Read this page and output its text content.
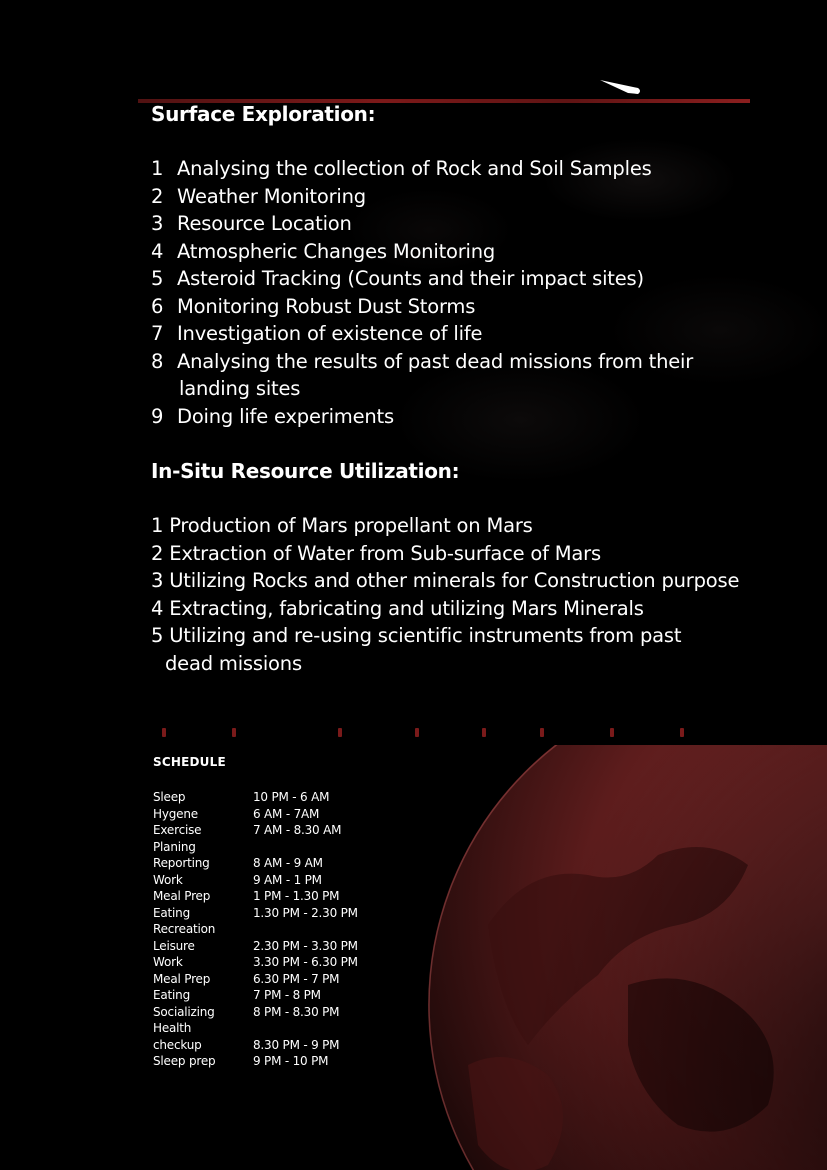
Surface Exploration:
1 Analysing the collection of Rock and Soil Samples
2 Weather Monitoring
3 Resource Location
4 Atmospheric Changes Monitoring
5 Asteroid Tracking (Counts and their impact sites)
6 Monitoring Robust Dust Storms
7 Investigation of existence of life
8 Analysing the results of past dead missions from their
landing sites
9 Doing life experiments
In-Situ Resource Utilization:
1 Production of Mars propellant on Mars
2 Extraction of Water from Sub-surface of Mars
3 Utilizing Rocks and other minerals for Construction purpose
4 Extracting, fabricating and utilizing Mars Minerals
5 Utilizing and re-using scientific instruments from past
dead missions
SCHEDULE
Sleep	10 PM - 6 AM
Hygene	6 AM - 7AM
Exercise	7 AM - 8.30 AM
Planing
Reporting	8 AM - 9 AM
Work	9 AM - 1 PM
Meal Prep	1 PM - 1.30 PM
Eating	1.30 PM - 2.30 PM
Recreation
Leisure	2.30 PM - 3.30 PM
Work	3.30 PM - 6.30 PM
Meal Prep	6.30 PM - 7 PM
Eating	7 PM - 8 PM
Socializing	8 PM - 8.30 PM
Health
checkup	8.30 PM - 9 PM
Sleep prep	9 PM - 10 PM
